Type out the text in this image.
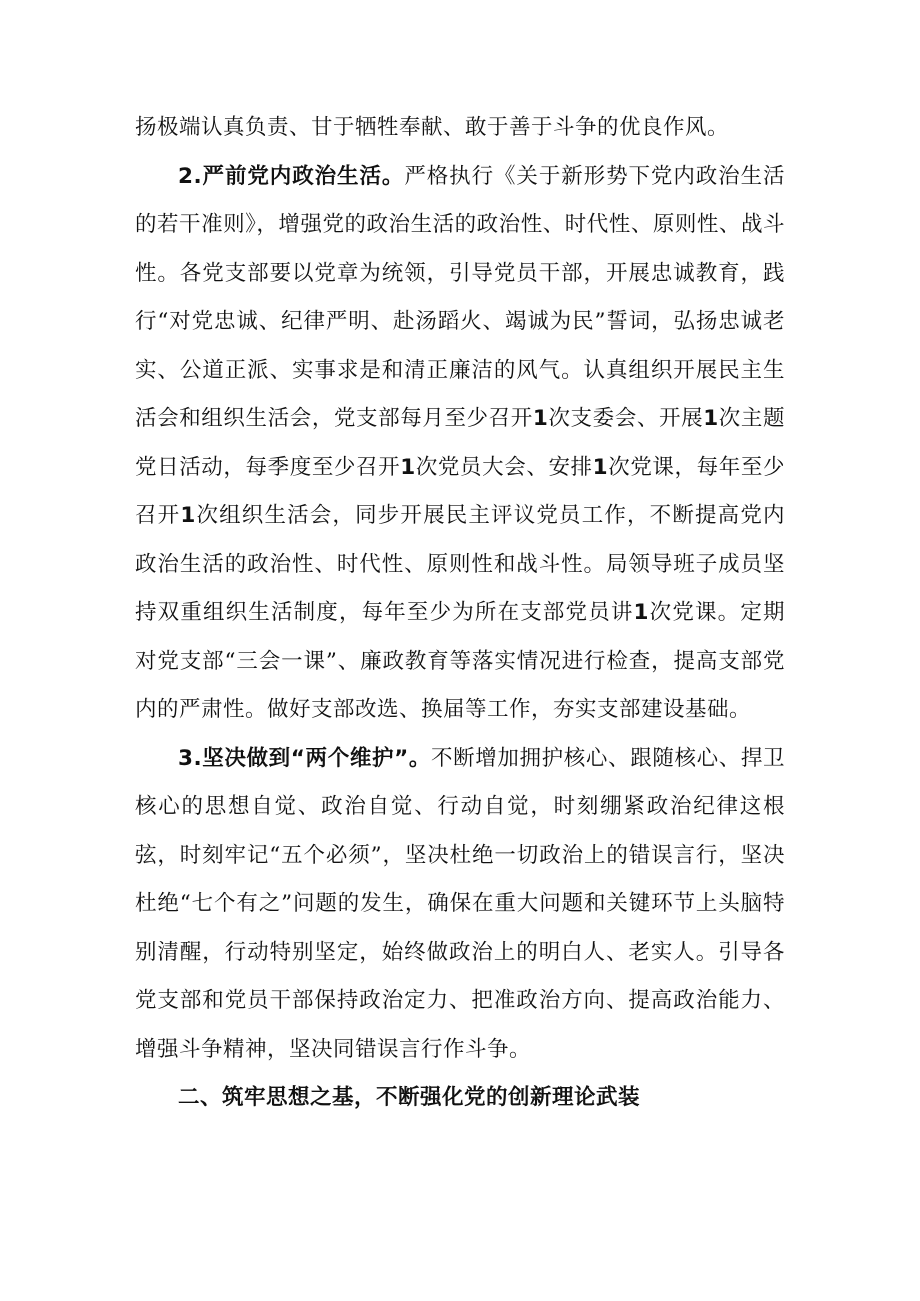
扬极端认真负责、甘于牺牲奉献、敢于善于斗争的优良作风。

2.严前党内政治生活。严格执行《关于新形势下党内政治生活的若干准则》，增强党的政治生活的政治性、时代性、原则性、战斗性。各党支部要以党章为统领，引导党员干部，开展忠诚教育，践行“对党忠诚、纪律严明、赴汤蹈火、竭诚为民”誓词，弘扬忠诚老实、公道正派、实事求是和清正廉洁的风气。认真组织开展民主生活会和组织生活会，党支部每月至少召开1次支委会、开展1次主题党日活动，每季度至少召开1次党员大会、安排1次党课，每年至少召开1次组织生活会，同步开展民主评议党员工作，不断提高党内政治生活的政治性、时代性、原则性和战斗性。局领导班子成员坚持双重组织生活制度，每年至少为所在支部党员讲1次党课。定期对党支部“三会一课”、廉政教育等落实情况进行检查，提高支部党内的严肃性。做好支部改选、换届等工作，夯实支部建设基础。

3.坚决做到“两个维护”。不断增加拥护核心、跟随核心、捍卫核心的思想自觉、政治自觉、行动自觉，时刻绷紧政治纪律这根弦，时刻牢记“五个必须”，坚决杜绝一切政治上的错误言行，坚决杜绝“七个有之”问题的发生，确保在重大问题和关键环节上头脑特别清醒，行动特别坚定，始终做政治上的明白人、老实人。引导各党支部和党员干部保持政治定力、把准政治方向、提高政治能力、增强斗争精神，坚决同错误言行作斗争。

二、筑牢思想之基，不断强化党的创新理论武装
